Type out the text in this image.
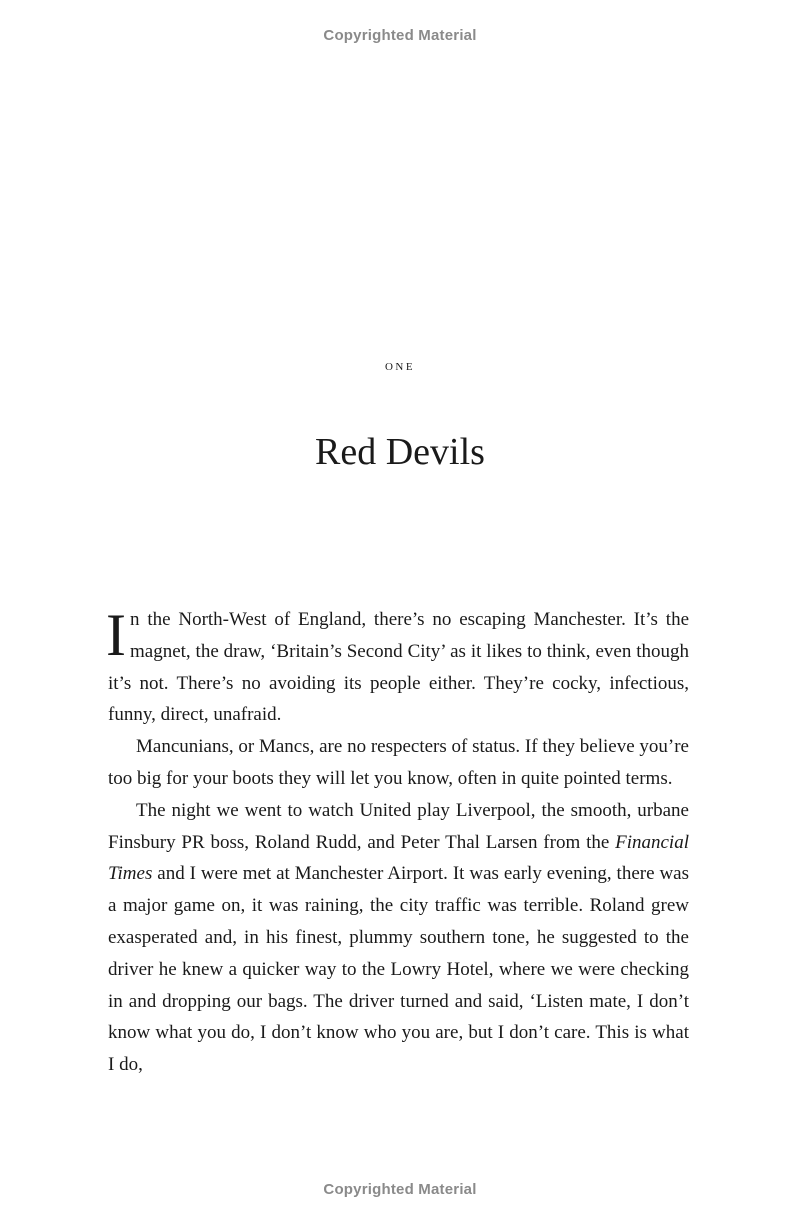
Copyrighted Material
one
Red Devils

In the North-West of England, there’s no escaping Manchester. It’s the magnet, the draw, ‘Britain’s Second City’ as it likes to think, even though it’s not. There’s no avoiding its people either. They’re cocky, infectious, funny, direct, unafraid.

Mancunians, or Mancs, are no respecters of status. If they believe you’re too big for your boots they will let you know, often in quite pointed terms.

The night we went to watch United play Liverpool, the smooth, urbane Finsbury PR boss, Roland Rudd, and Peter Thal Larsen from the Financial Times and I were met at Manchester Airport. It was early evening, there was a major game on, it was raining, the city traffic was terrible. Roland grew exasperated and, in his finest, plummy southern tone, he suggested to the driver he knew a quicker way to the Lowry Hotel, where we were checking in and dropping our bags. The driver turned and said, ‘Listen mate, I don’t know what you do, I don’t know who you are, but I don’t care. This is what I do,

Copyrighted Material
